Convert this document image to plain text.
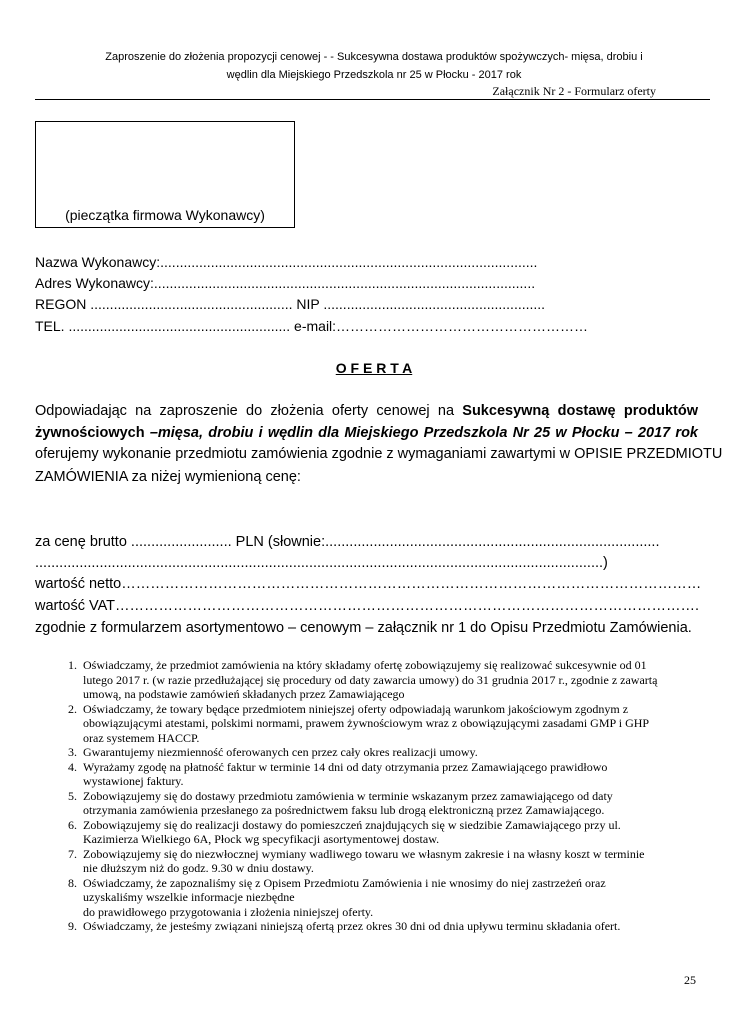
Zaproszenie do złożenia propozycji cenowej - - Sukcesywna dostawa produktów spożywczych- mięsa, drobiu i
wędlin dla Miejskiego Przedszkola nr 25 w Płocku - 2017 rok
Załącznik Nr 2 - Formularz oferty
(pieczątka firmowa Wykonawcy)
Nazwa Wykonawcy:.................................................................................................
Adres Wykonawcy:..................................................................................................
REGON .................................................... NIP .........................................................
TEL. ......................................................... e-mail:………………………………………………
O F E R T A
Odpowiadając na zaproszenie do złożenia oferty cenowej na Sukcesywną dostawę produktów
żywnościowych –mięsa, drobiu i wędlin dla Miejskiego Przedszkola Nr 25 w Płocku – 2017 rok
oferujemy wykonanie przedmiotu zamówienia zgodnie z wymaganiami zawartymi w OPISIE PRZEDMIOTU
ZAMÓWIENIA za niżej wymienioną cenę:
za cenę brutto ......................... PLN (słownie:...................................................................................
.............................................................................................................................................)
wartość netto…………………………………………………………………………………………………………
wartość VAT………………………………………………………………………………………………………….
zgodnie z formularzem asortymentowo – cenowym – załącznik nr 1 do Opisu Przedmiotu Zamówienia.
1. Oświadczamy, że przedmiot zamówienia na który składamy ofertę zobowiązujemy się realizować sukcesywnie od 01
lutego 2017 r. (w razie przedłużającej się procedury od daty zawarcia umowy) do 31 grudnia 2017 r., zgodnie z zawartą
umową, na podstawie zamówień składanych przez Zamawiającego
2. Oświadczamy, że towary będące przedmiotem niniejszej oferty odpowiadają warunkom jakościowym zgodnym z
obowiązującymi atestami, polskimi normami, prawem żywnościowym wraz z obowiązującymi zasadami GMP i GHP
oraz systemem HACCP.
3. Gwarantujemy niezmienność oferowanych cen przez cały okres realizacji umowy.
4. Wyrażamy zgodę na płatność faktur w terminie 14 dni od daty otrzymania przez Zamawiającego prawidłowo
wystawionej faktury.
5. Zobowiązujemy się do dostawy przedmiotu zamówienia w terminie wskazanym przez zamawiającego od daty
otrzymania zamówienia przesłanego za pośrednictwem faksu lub drogą elektroniczną przez Zamawiającego.
6. Zobowiązujemy się do realizacji dostawy do pomieszczeń znajdujących się w siedzibie Zamawiającego przy ul.
Kazimierza Wielkiego 6A, Płock wg specyfikacji asortymentowej dostaw.
7. Zobowiązujemy się do niezwłocznej wymiany wadliwego towaru we własnym zakresie i na własny koszt w terminie
nie dłuższym niż do godz. 9.30 w dniu dostawy.
8. Oświadczamy, że zapoznaliśmy się z Opisem Przedmiotu Zamówienia i nie wnosimy do niej zastrzeżeń oraz
uzyskaliśmy wszelkie informacje niezbędne
do prawidłowego przygotowania i złożenia niniejszej oferty.
9. Oświadczamy, że jesteśmy związani niniejszą ofertą przez okres 30 dni od dnia upływu terminu składania ofert.
25
